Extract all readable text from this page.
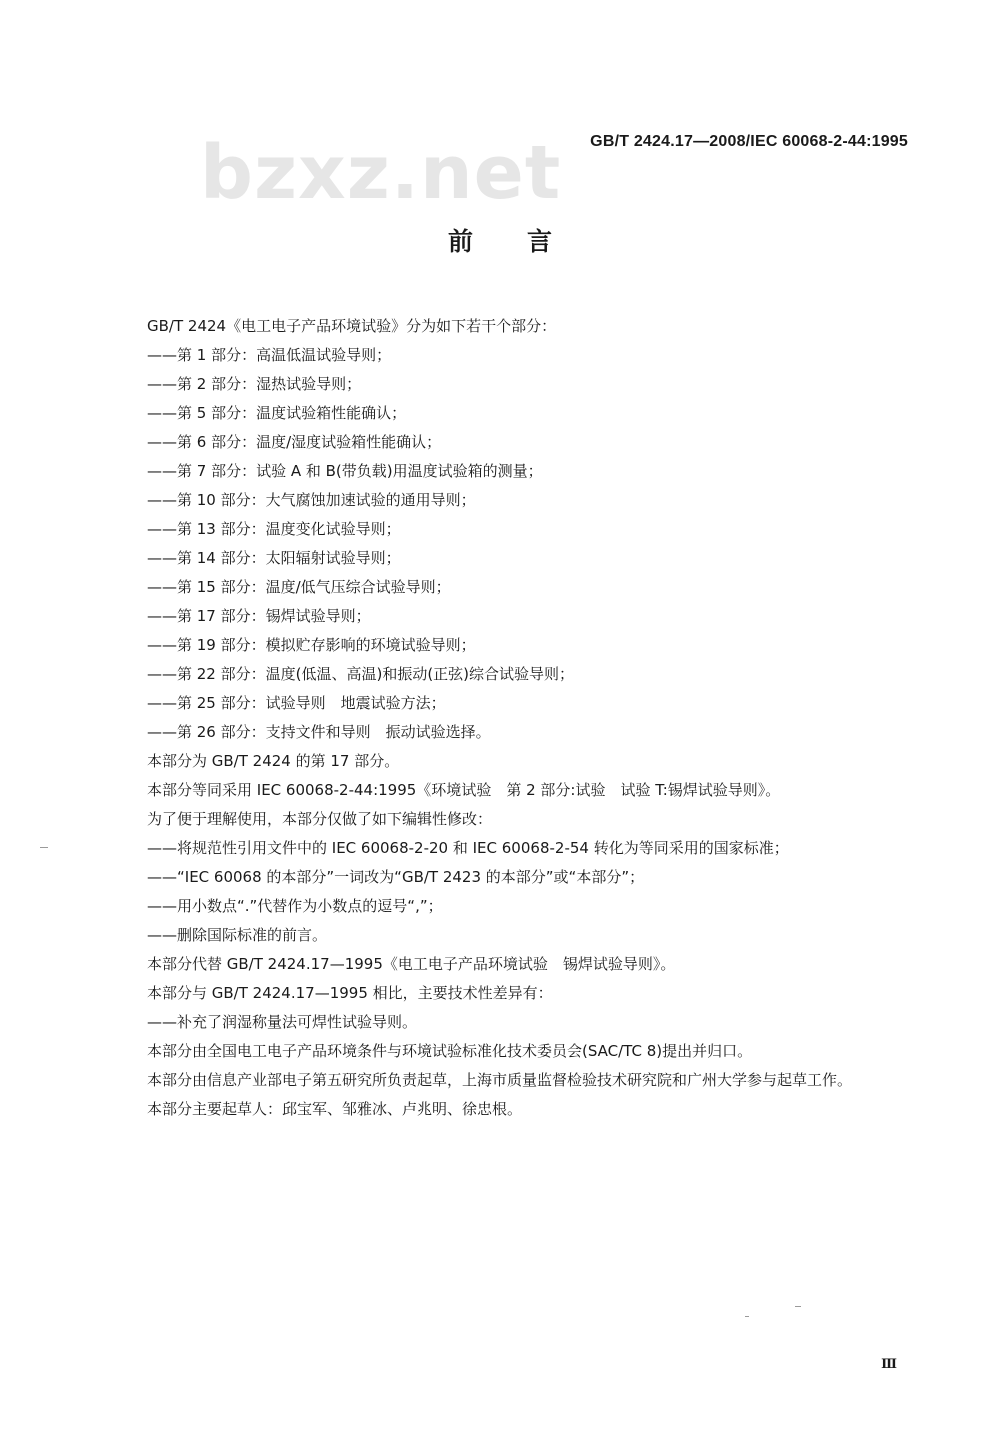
bzxz.net GB/T 2424.17—2008/IEC 60068-2-44:1995
前言

GB/T 2424《电工电子产品环境试验》分为如下若干个部分：

——第 1 部分：高温低温试验导则；

——第 2 部分：湿热试验导则；

——第 5 部分：温度试验箱性能确认；

——第 6 部分：温度/湿度试验箱性能确认；

——第 7 部分：试验 A 和 B(带负载)用温度试验箱的测量；

——第 10 部分：大气腐蚀加速试验的通用导则；

——第 13 部分：温度变化试验导则；

——第 14 部分：太阳辐射试验导则；

——第 15 部分：温度/低气压综合试验导则；

——第 17 部分：锡焊试验导则；

——第 19 部分：模拟贮存影响的环境试验导则；

——第 22 部分：温度(低温、高温)和振动(正弦)综合试验导则；

——第 25 部分：试验导则　地震试验方法；

——第 26 部分：支持文件和导则　振动试验选择。

本部分为 GB/T 2424 的第 17 部分。

本部分等同采用 IEC 60068-2-44:1995《环境试验　第 2 部分:试验　试验 T:锡焊试验导则》。

为了便于理解使用，本部分仅做了如下编辑性修改：

——将规范性引用文件中的 IEC 60068-2-20 和 IEC 60068-2-54 转化为等同采用的国家标准；

——“IEC 60068 的本部分”一词改为“GB/T 2423 的本部分”或“本部分”；

——用小数点“.”代替作为小数点的逗号“,”；

——删除国际标准的前言。

本部分代替 GB/T 2424.17—1995《电工电子产品环境试验　锡焊试验导则》。

本部分与 GB/T 2424.17—1995 相比，主要技术性差异有：

——补充了润湿称量法可焊性试验导则。

本部分由全国电工电子产品环境条件与环境试验标准化技术委员会(SAC/TC 8)提出并归口。

本部分由信息产业部电子第五研究所负责起草，上海市质量监督检验技术研究院和广州大学参与起草工作。

本部分主要起草人：邱宝军、邹雅冰、卢兆明、徐忠根。

Ⅲ
